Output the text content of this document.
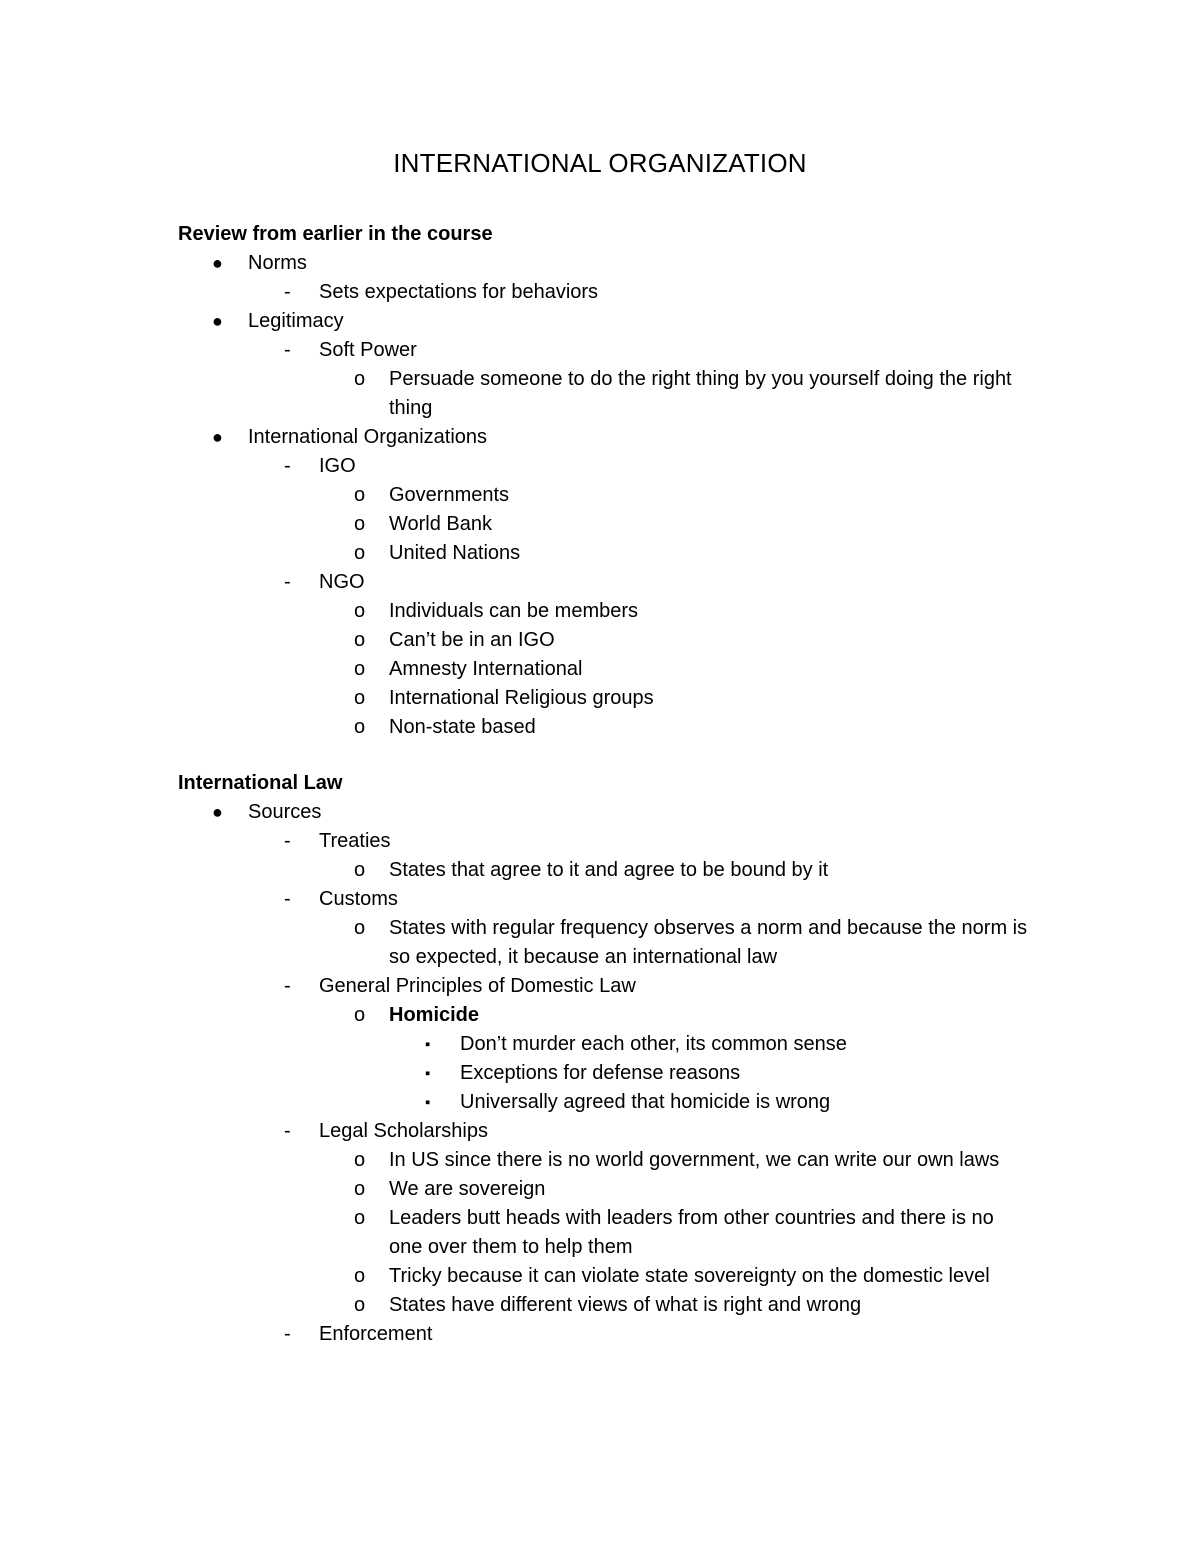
INTERNATIONAL ORGANIZATION
Review from earlier in the course
●	Norms
-	Sets expectations for behaviors
●	Legitimacy
-	Soft Power
o	Persuade someone to do the right thing by you yourself doing the right thing
●	International Organizations
-	IGO
o	Governments
o	World Bank
o	United Nations
-	NGO
o	Individuals can be members
o	Can’t be in an IGO
o	Amnesty International
o	International Religious groups
o	Non-state based
International Law
●	Sources
-	Treaties
o	States that agree to it and agree to be bound by it
-	Customs
o	States with regular frequency observes a norm and because the norm is so expected, it because an international law
-	General Principles of Domestic Law
o	Homicide
▪	Don’t murder each other, its common sense
▪	Exceptions for defense reasons
▪	Universally agreed that homicide is wrong
-	Legal Scholarships
o	In US since there is no world government, we can write our own laws
o	We are sovereign
o	Leaders butt heads with leaders from other countries and there is no one over them to help them
o	Tricky because it can violate state sovereignty on the domestic level
o	States have different views of what is right and wrong
-	Enforcement
